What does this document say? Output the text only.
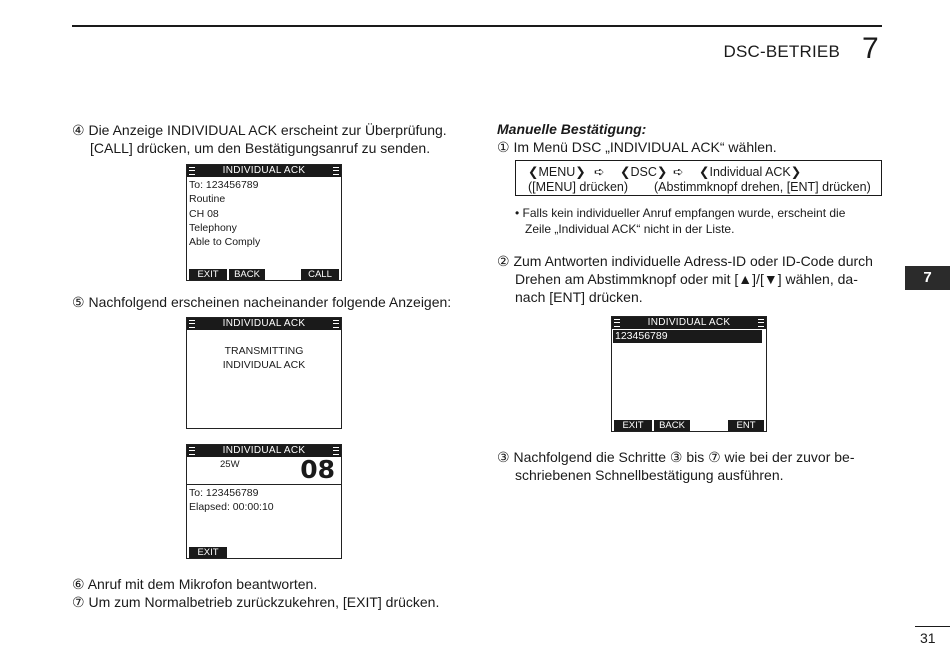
DSC-BETRIEB 7
7
④ Die Anzeige INDIVIDUAL ACK erscheint zur Überprüfung.
[CALL] drücken, um den Bestätigungsanruf zu senden.
INDIVIDUAL ACK
To: 123456789
Routine
CH 08
Telephony
Able to Comply
EXIT	BACK	CALL
⑤ Nachfolgend erscheinen nacheinander folgende Anzeigen:
INDIVIDUAL ACK
TRANSMITTING
INDIVIDUAL ACK
INDIVIDUAL ACK
25W 08
To: 123456789
Elapsed: 00:00:10
EXIT
⑥ Anruf mit dem Mikrofon beantworten.
⑦ Um zum Normalbetrieb zurückzukehren, [EXIT] drücken.
Manuelle Bestätigung:
① Im Menü DSC „INDIVIDUAL ACK“ wählen.
❮MENU❯ ➪ ❮DSC❯ ➪ ❮Individual ACK❯
([MENU] drücken) (Abstimmknopf drehen, [ENT] drücken)
• Falls kein individueller Anruf empfangen wurde, erscheint die
Zeile „Individual ACK“ nicht in der Liste.
② Zum Antworten individuelle Adress-ID oder ID-Code durch
Drehen am Abstimmknopf oder mit [▲]/[▼] wählen, da-
nach [ENT] drücken.
INDIVIDUAL ACK
123456789
EXIT	BACK	ENT
③ Nachfolgend die Schritte ③ bis ⑦ wie bei der zuvor be-
schriebenen Schnellbestätigung ausführen.
31
